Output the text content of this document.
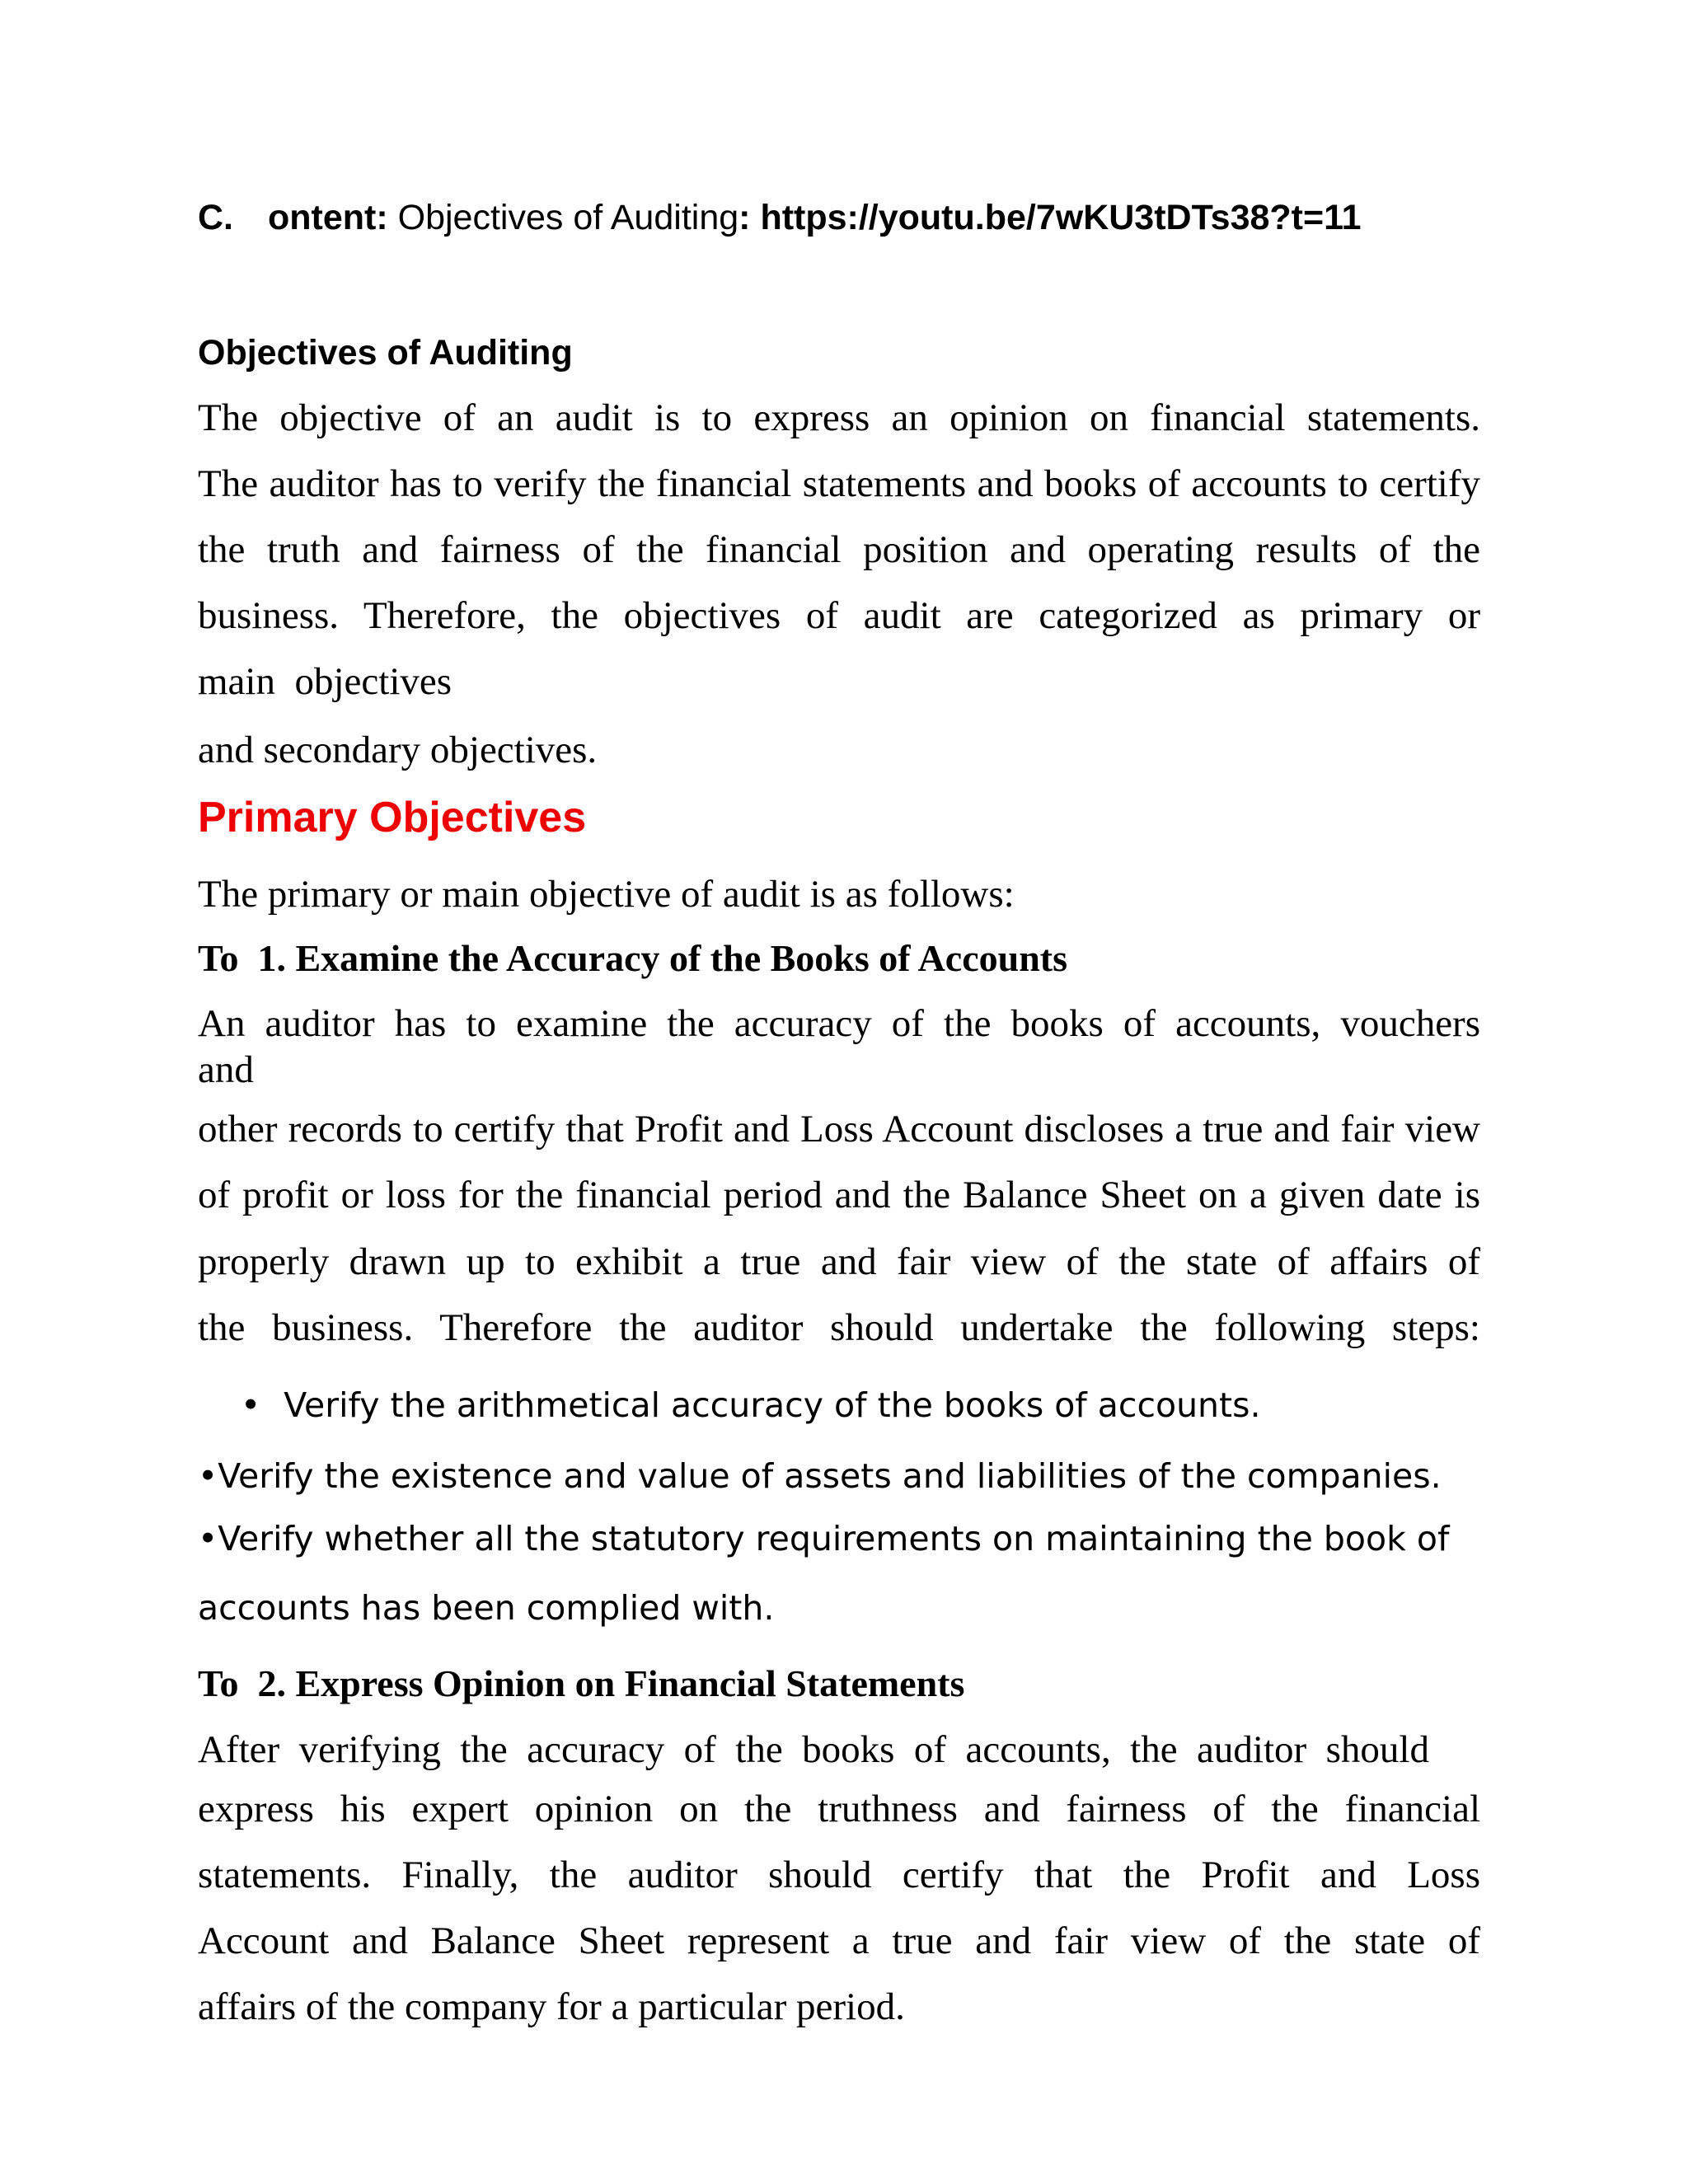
C. ontent: Objectives of Auditing: https://youtu.be/7wKU3tDTs38?t=11
Objectives of Auditing
The objective of an audit is to express an opinion on financial statements.
The auditor has to verify the financial statements and books of accounts to certify
the truth and fairness of the financial position and operating results of the
business. Therefore, the objectives of audit are categorized as primary or
main  objectives
and secondary objectives.
Primary Objectives
The primary or main objective of audit is as follows:
To  1. Examine the Accuracy of the Books of Accounts
An auditor has to examine the accuracy of the books of accounts, vouchers
and
other records to certify that Profit and Loss Account discloses a true and fair view
of profit or loss for the financial period and the Balance Sheet on a given date is
properly drawn up to exhibit a true and fair view of the state of affairs of
the business. Therefore the auditor should undertake the following steps:
• Verify the arithmetical accuracy of the books of accounts.
•Verify the existence and value of assets and liabilities of the companies.
•Verify whether all the statutory requirements on maintaining the book of
accounts has been complied with.
To  2. Express Opinion on Financial Statements
After verifying the accuracy of the books of accounts, the auditor should
express his expert opinion on the truthness and fairness of the financial
statements. Finally, the auditor should certify that the Profit and Loss
Account and Balance Sheet represent a true and fair view of the state of
affairs of the company for a particular period.
